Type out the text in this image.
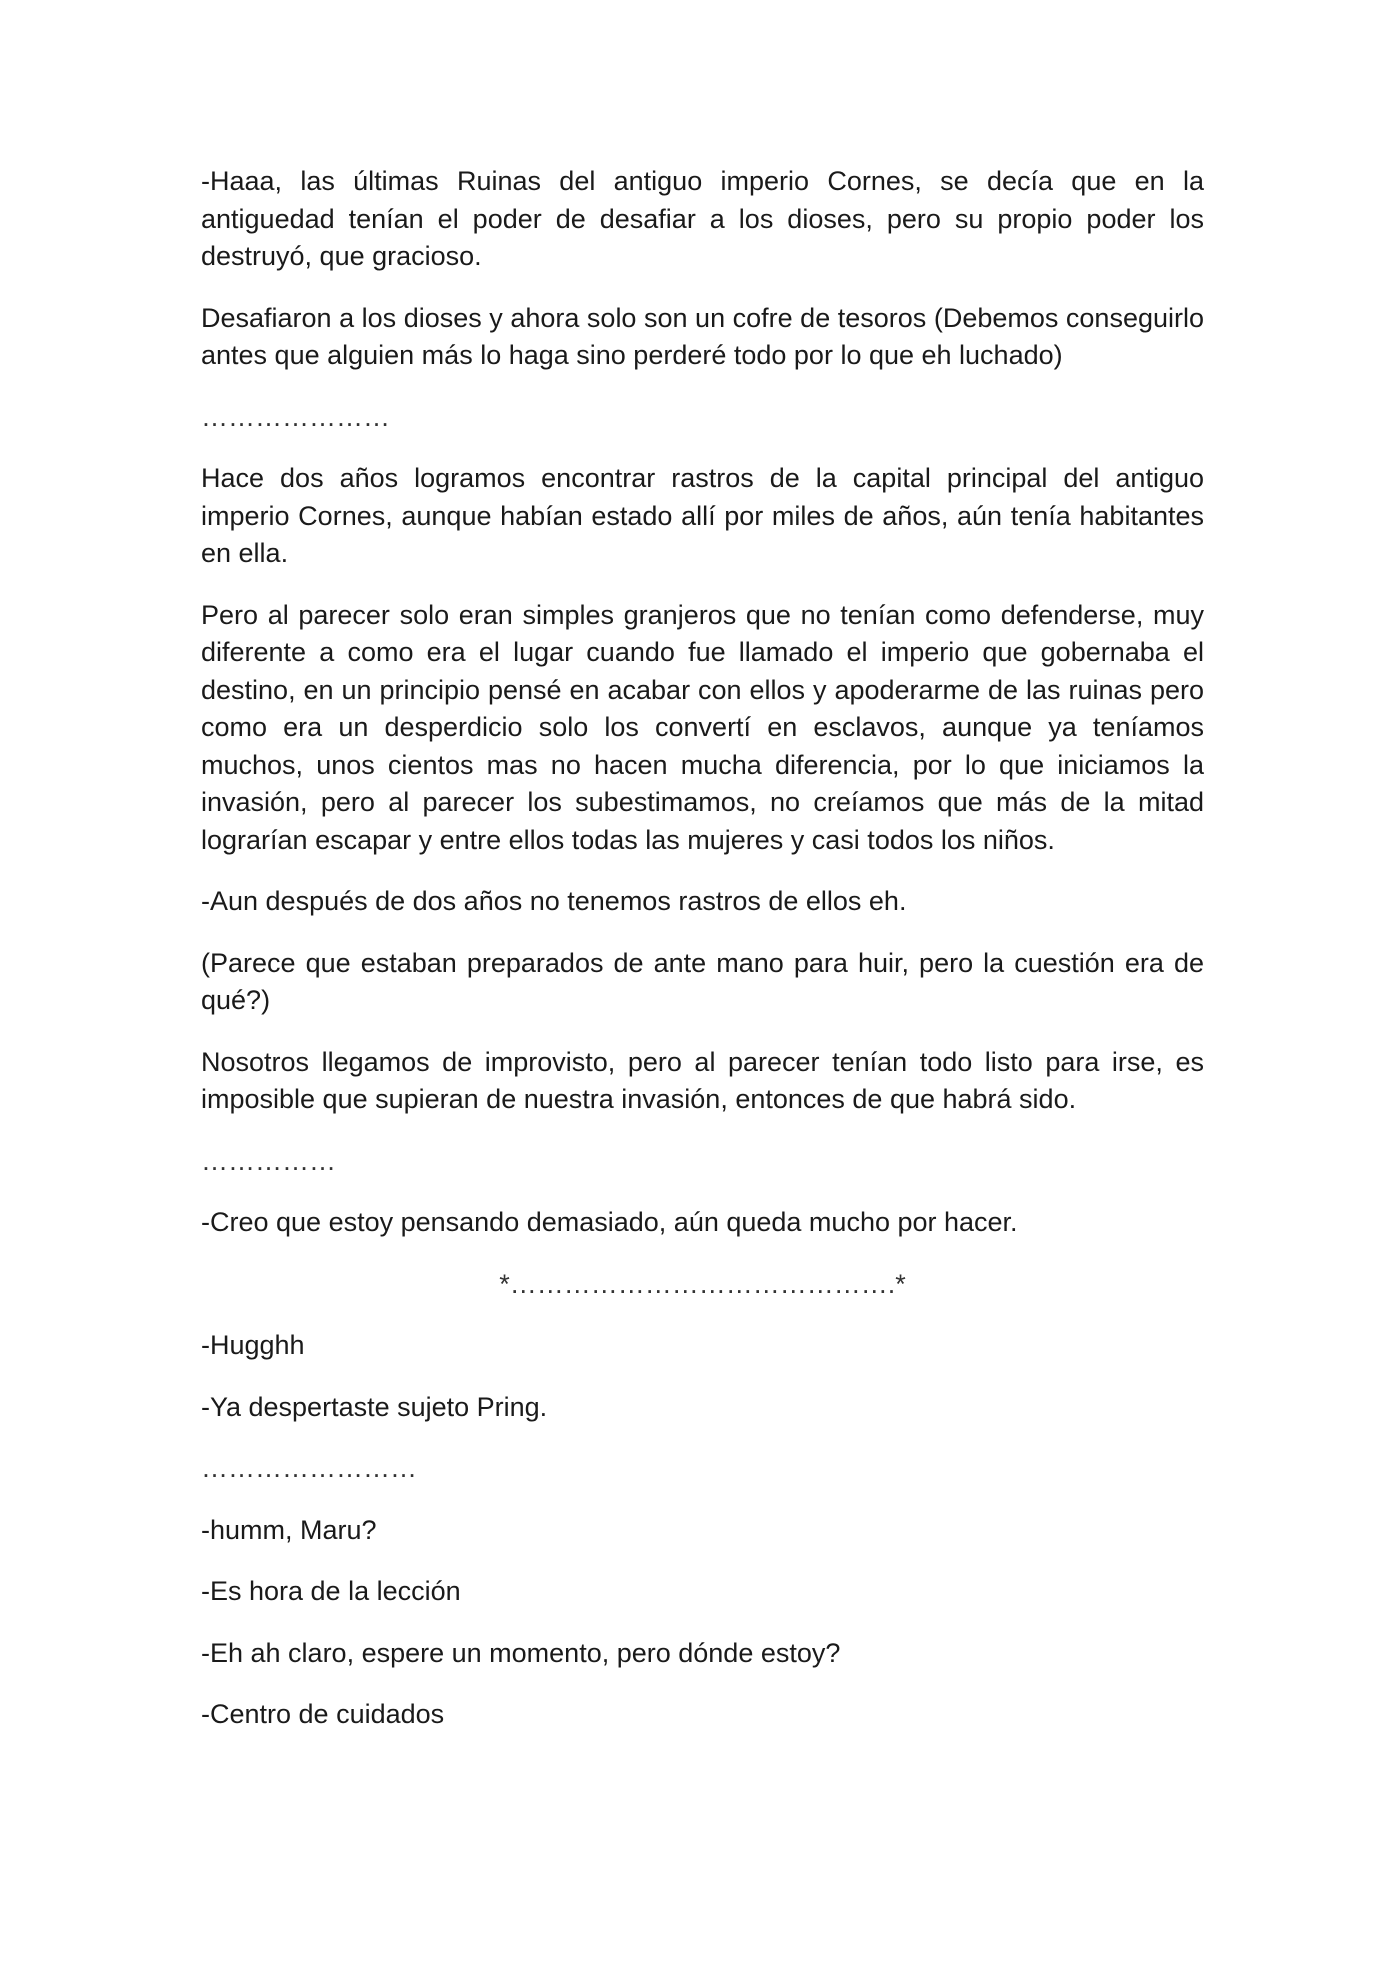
-Haaa, las últimas Ruinas del antiguo imperio Cornes, se decía que en la antiguedad tenían el poder de desafiar a los dioses, pero su propio poder los destruyó, que gracioso.

Desafiaron a los dioses y ahora solo son un cofre de tesoros (Debemos conseguirlo antes que alguien más lo haga sino perderé todo por lo que eh luchado)

…………………

Hace dos años logramos encontrar rastros de la capital principal del antiguo imperio Cornes, aunque habían estado allí por miles de años, aún tenía habitantes en ella.

Pero al parecer solo eran simples granjeros que no tenían como defenderse, muy diferente a como era el lugar cuando fue llamado el imperio que gobernaba el destino, en un principio pensé en acabar con ellos y apoderarme de las ruinas pero como era un desperdicio solo los convertí en esclavos, aunque ya teníamos muchos, unos cientos mas no hacen mucha diferencia, por lo que iniciamos la invasión, pero al parecer los subestimamos, no creíamos que más de la mitad lograrían escapar y entre ellos todas las mujeres y casi todos los niños.

-Aun después de dos años no tenemos rastros de ellos eh.

(Parece que estaban preparados de ante mano para huir, pero la cuestión era de qué?)

Nosotros llegamos de improvisto, pero al parecer tenían todo listo para irse, es imposible que supieran de nuestra invasión, entonces de que habrá sido.

……………

-Creo que estoy pensando demasiado, aún queda mucho por hacer.

*…………………………………….*

-Hugghh

-Ya despertaste sujeto Pring.

……………………

-humm, Maru?

-Es hora de la lección

-Eh ah claro, espere un momento, pero dónde estoy?

-Centro de cuidados
